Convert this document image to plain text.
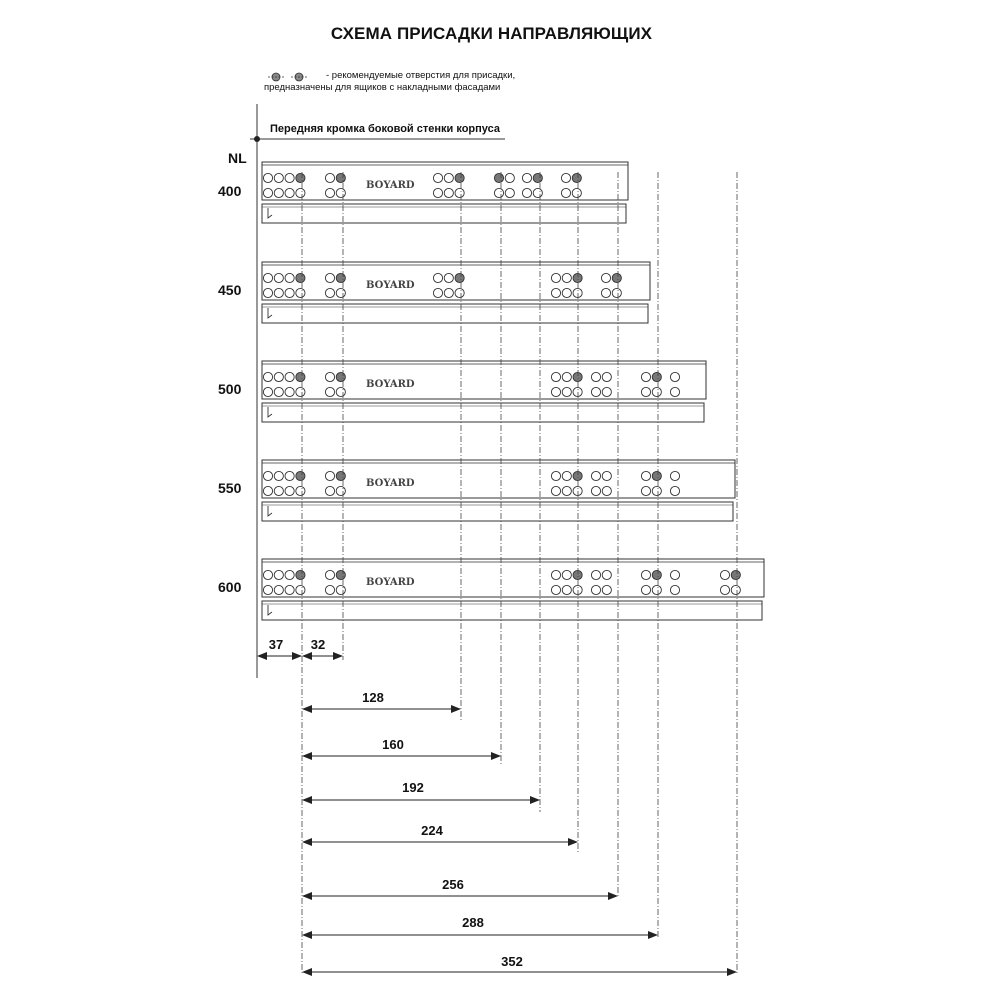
СХЕМА ПРИСАДКИ НАПРАВЛЯЮЩИХ
- рекомендуемые отверстия для присадки,
предназначены для ящиков с накладными фасадами
Передняя кромка боковой стенки корпуса
NL
400
450
500
550
600
BOYARD
BOYARD
BOYARD
BOYARD
BOYARD
37	32
128
160
192
224
256
288
352
